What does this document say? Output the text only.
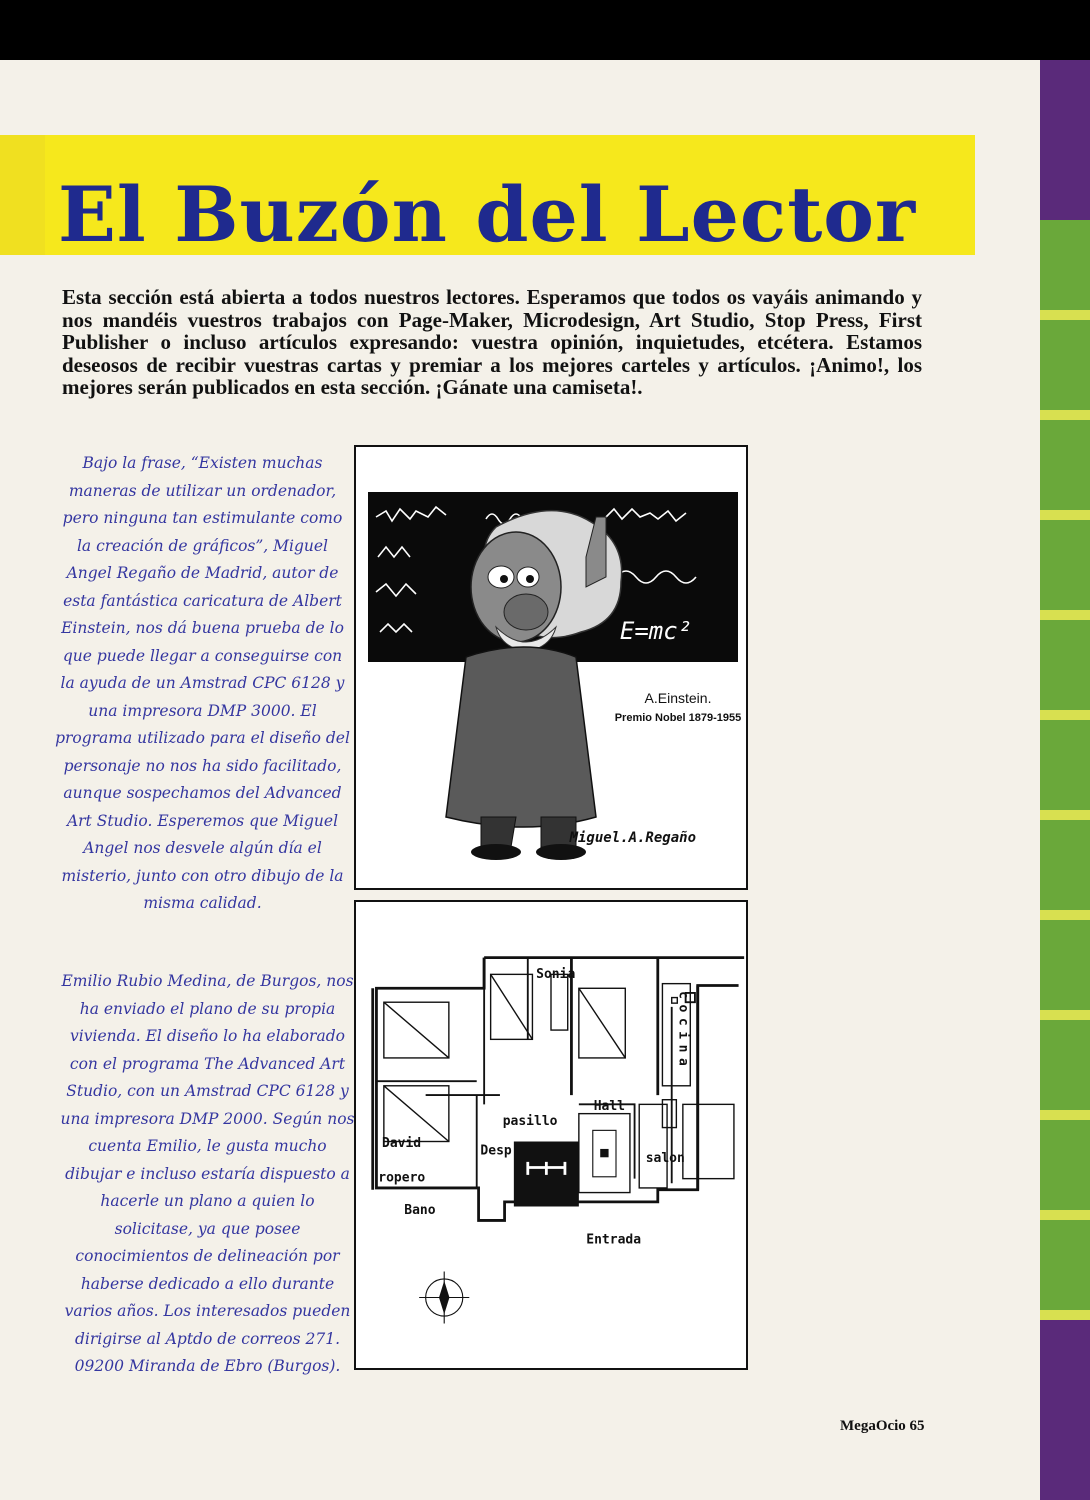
El Buzón del Lector

Esta sección está abierta a todos nuestros lectores. Esperamos que todos os vayáis animando y nos mandéis vuestros trabajos con Page-Maker, Microdesign, Art Studio, Stop Press, First Publisher o incluso artículos expresando: vuestra opinión, inquietudes, etcétera. Estamos deseosos de recibir vuestras cartas y premiar a los mejores carteles y artículos. ¡Animo!, los mejores serán publicados en esta sección. ¡Gánate una camiseta!.

Bajo la frase, “Existen muchas maneras de utilizar un ordenador, pero ninguna tan estimulante como la creación de gráficos”, Miguel Angel Regaño de Madrid, autor de esta fantástica caricatura de Albert Einstein, nos dá buena prueba de lo que puede llegar a conseguirse con la ayuda de un Amstrad CPC 6128 y una impresora DMP 3000. El programa utilizado para el diseño del personaje no nos ha sido facilitado, aunque sospechamos del Advanced Art Studio. Esperemos que Miguel Angel nos desvele algún día el misterio, junto con otro dibujo de la misma calidad.

Emilio Rubio Medina, de Burgos, nos ha enviado el plano de su propia vivienda. El diseño lo ha elaborado con el programa The Advanced Art Studio, con un Amstrad CPC 6128 y una impresora DMP 2000. Según nos cuenta Emilio, le gusta mucho dibujar e incluso estaría dispuesto a hacerle un plano a quien lo solicitase, ya que posee conocimientos de delineación por haberse dedicado a ello durante varios años. Los interesados pueden dirigirse al Aptdo de correos 271. 09200 Miranda de Ebro (Burgos).

E=mc²
A.Einstein.
Premio Nobel 1879-1955
Miguel.A.Regaño
Sonia
cocina
Hall
pasillo
David	Desp
ropero
salon
Bano
Entrada
MegaOcio 65
